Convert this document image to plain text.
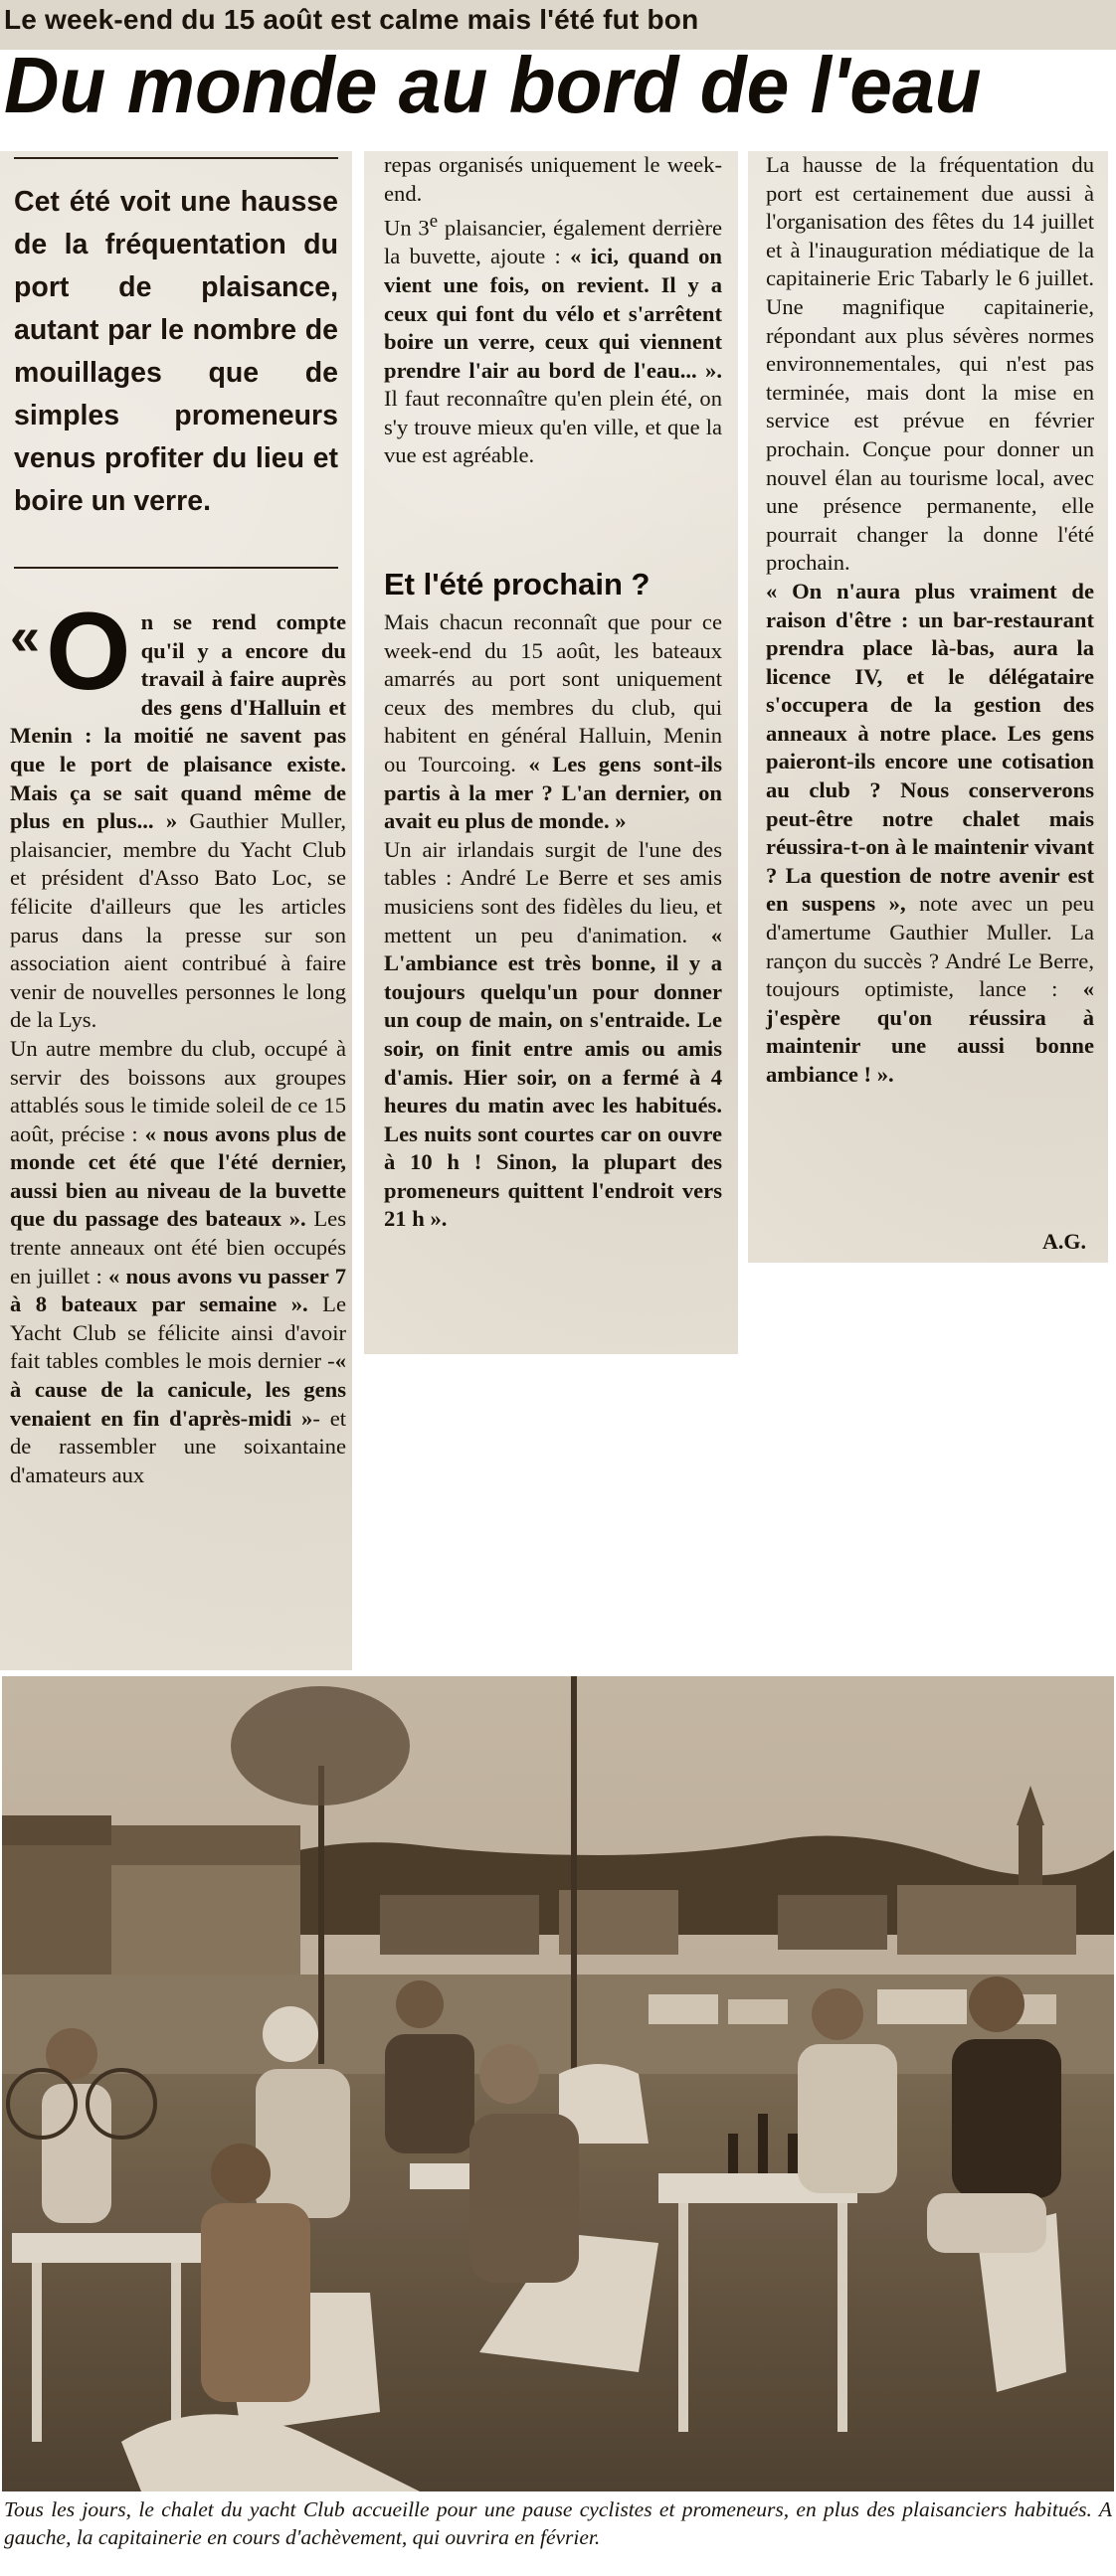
Le week-end du 15 août est calme mais l'été fut bon
Du monde au bord de l'eau
Cet été voit une hausse de la fréquentation du port de plaisance, autant par le nombre de mouillages que de simples promeneurs venus profiter du lieu et boire un verre.
« O n se rend compte qu'il y a encore du travail à faire auprès des gens d'Halluin et Menin : la moitié ne savent pas que le port de plaisance existe. Mais ça se sait quand même de plus en plus... » Gauthier Muller, plaisancier, membre du Yacht Club et président d'Asso Bato Loc, se félicite d'ailleurs que les articles parus dans la presse sur son association aient contribué à faire venir de nouvelles personnes le long de la Lys.
Un autre membre du club, occupé à servir des boissons aux groupes attablés sous le timide soleil de ce 15 août, précise : « nous avons plus de monde cet été que l'été dernier, aussi bien au niveau de la buvette que du passage des bateaux ». Les trente anneaux ont été bien occupés en juillet : « nous avons vu passer 7 à 8 bateaux par semaine ». Le Yacht Club se félicite ainsi d'avoir fait tables combles le mois dernier -« à cause de la canicule, les gens venaient en fin d'après-midi »- et de rassembler une soixantaine d'amateurs aux

repas organisés uniquement le week-end.

Un 3e plaisancier, également derrière la buvette, ajoute : « ici, quand on vient une fois, on revient. Il y a ceux qui font du vélo et s'arrêtent boire un verre, ceux qui viennent prendre l'air au bord de l'eau... ». Il faut reconnaître qu'en plein été, on s'y trouve mieux qu'en ville, et que la vue est agréable.

Et l'été prochain ?

Mais chacun reconnaît que pour ce week-end du 15 août, les bateaux amarrés au port sont uniquement ceux des membres du club, qui habitent en général Halluin, Menin ou Tourcoing. « Les gens sont-ils partis à la mer ? L'an dernier, on avait eu plus de monde. »

Un air irlandais surgit de l'une des tables : André Le Berre et ses amis musiciens sont des fidèles du lieu, et mettent un peu d'animation. « L'ambiance est très bonne, il y a toujours quelqu'un pour donner un coup de main, on s'entraide. Le soir, on finit entre amis ou amis d'amis. Hier soir, on a fermé à 4 heures du matin avec les habitués. Les nuits sont courtes car on ouvre à 10 h ! Sinon, la plupart des promeneurs quittent l'endroit vers 21 h ».

La hausse de la fréquentation du port est certainement due aussi à l'organisation des fêtes du 14 juillet et à l'inauguration médiatique de la capitainerie Eric Tabarly le 6 juillet. Une magnifique capitainerie, répondant aux plus sévères normes environnementales, qui n'est pas terminée, mais dont la mise en service est prévue en février prochain. Conçue pour donner un nouvel élan au tourisme local, avec une présence permanente, elle pourrait changer la donne l'été prochain.

« On n'aura plus vraiment de raison d'être : un bar-restaurant prendra place là-bas, aura la licence IV, et le délégataire s'occupera de la gestion des anneaux à notre place. Les gens paieront-ils encore une cotisation au club ? Nous conserverons peut-être notre chalet mais réussira-t-on à le maintenir vivant ? La question de notre avenir est en suspens », note avec un peu d'amertume Gauthier Muller. La rançon du succès ? André Le Berre, toujours optimiste, lance : « j'espère qu'on réussira à maintenir une aussi bonne ambiance ! ».

A.G.
Tous les jours, le chalet du yacht Club accueille pour une pause cyclistes et promeneurs, en plus des plaisanciers habitués. A gauche, la capitainerie en cours d'achèvement, qui ouvrira en février.
